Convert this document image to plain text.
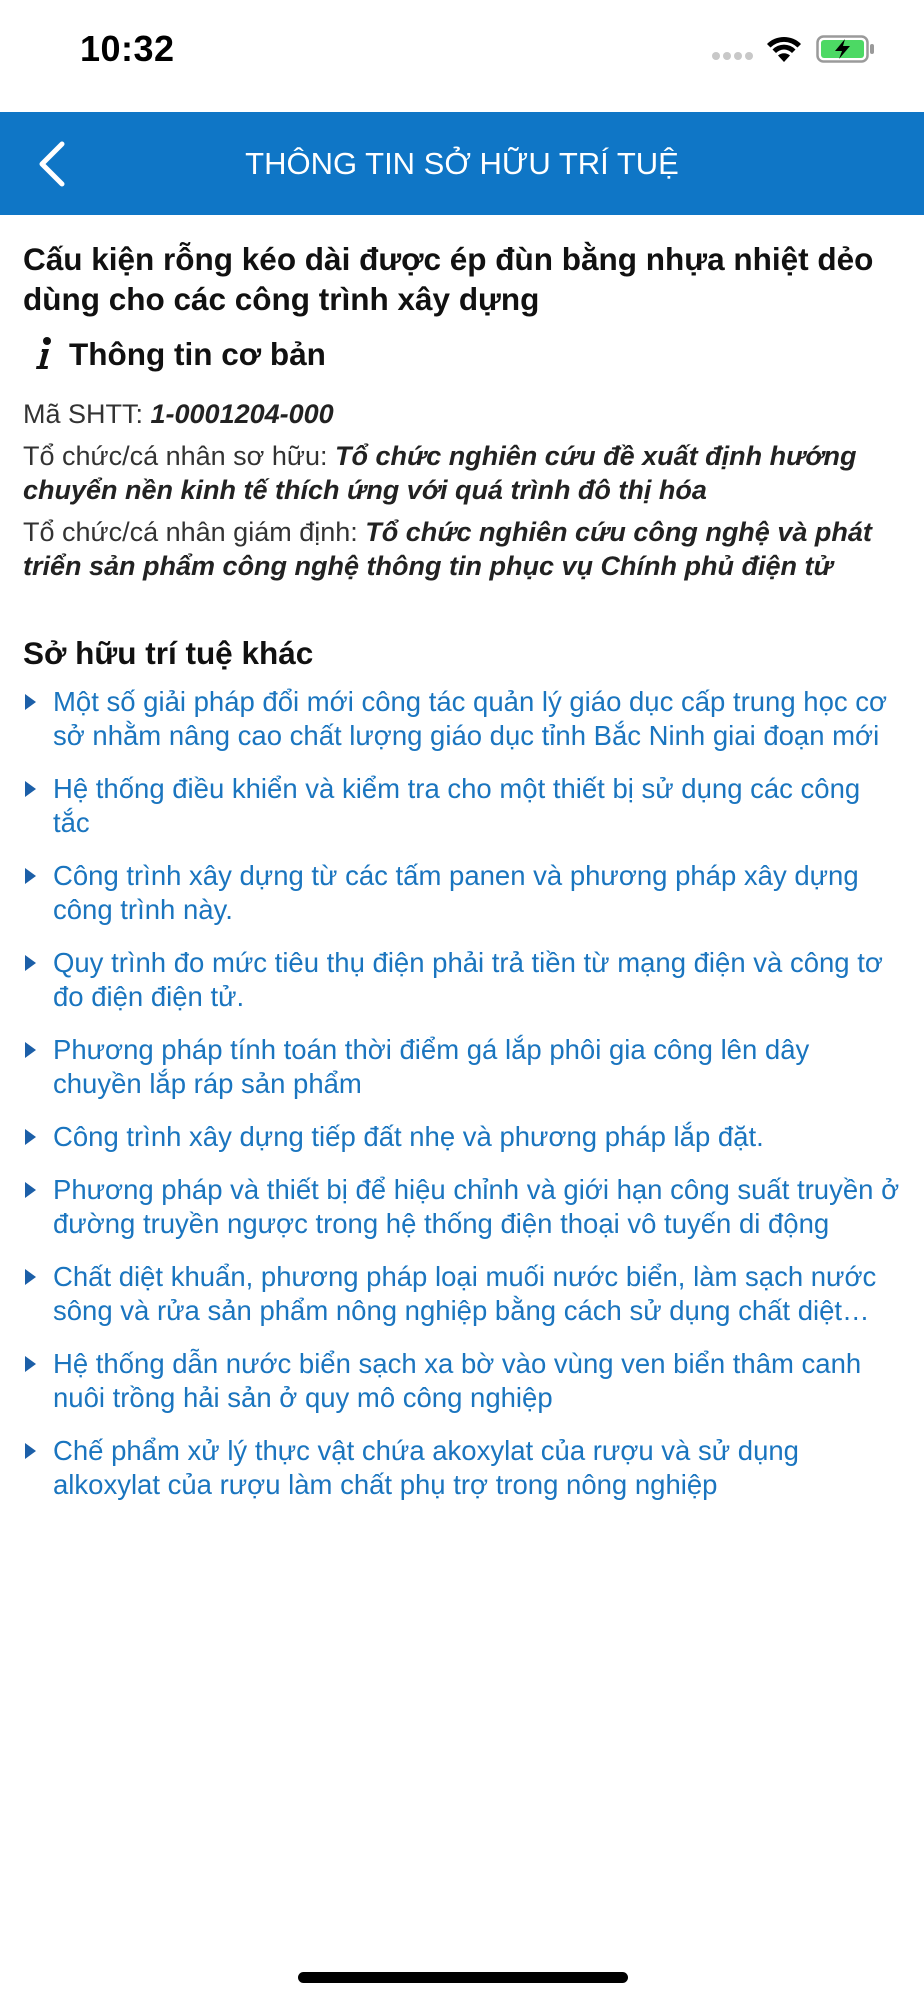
10:32
THÔNG TIN SỞ HỮU TRÍ TUỆ
Cấu kiện rỗng kéo dài được ép đùn bằng nhựa nhiệt dẻo dùng cho các công trình xây dựng
Thông tin cơ bản
Mã SHTT: 1-0001204-000
Tổ chức/cá nhân sơ hữu: Tổ chức nghiên cứu đề xuất định hướng chuyển nền kinh tế thích ứng với quá trình đô thị hóa
Tổ chức/cá nhân giám định: Tổ chức nghiên cứu công nghệ và phát triển sản phẩm công nghệ thông tin phục vụ Chính phủ điện tử
Sở hữu trí tuệ khác
Một số giải pháp đổi mới công tác quản lý giáo dục cấp trung học cơ sở nhằm nâng cao chất lượng giáo dục tỉnh Bắc Ninh giai đoạn mới
Hệ thống điều khiển và kiểm tra cho một thiết bị sử dụng các công tắc
Công trình xây dựng từ các tấm panen và phương pháp xây dựng công trình này.
Quy trình đo mức tiêu thụ điện phải trả tiền từ mạng điện và công tơ đo điện điện tử.
Phương pháp tính toán thời điểm gá lắp phôi gia công lên dây chuyền lắp ráp sản phẩm
Công trình xây dựng tiếp đất nhẹ và phương pháp lắp đặt.
Phương pháp và thiết bị để hiệu chỉnh và giới hạn công suất truyền ở đường truyền ngược trong hệ thống điện thoại vô tuyến di động
Chất diệt khuẩn, phương pháp loại muối nước biển, làm sạch nước sông và rửa sản phẩm nông nghiệp bằng cách sử dụng chất diệt
Hệ thống dẫn nước biển sạch xa bờ vào vùng ven biển thâm canh nuôi trồng hải sản ở quy mô công nghiệp
Chế phẩm xử lý thực vật chứa akoxylat của rượu và sử dụng alkoxylat của rượu làm chất phụ trợ trong nông nghiệp
